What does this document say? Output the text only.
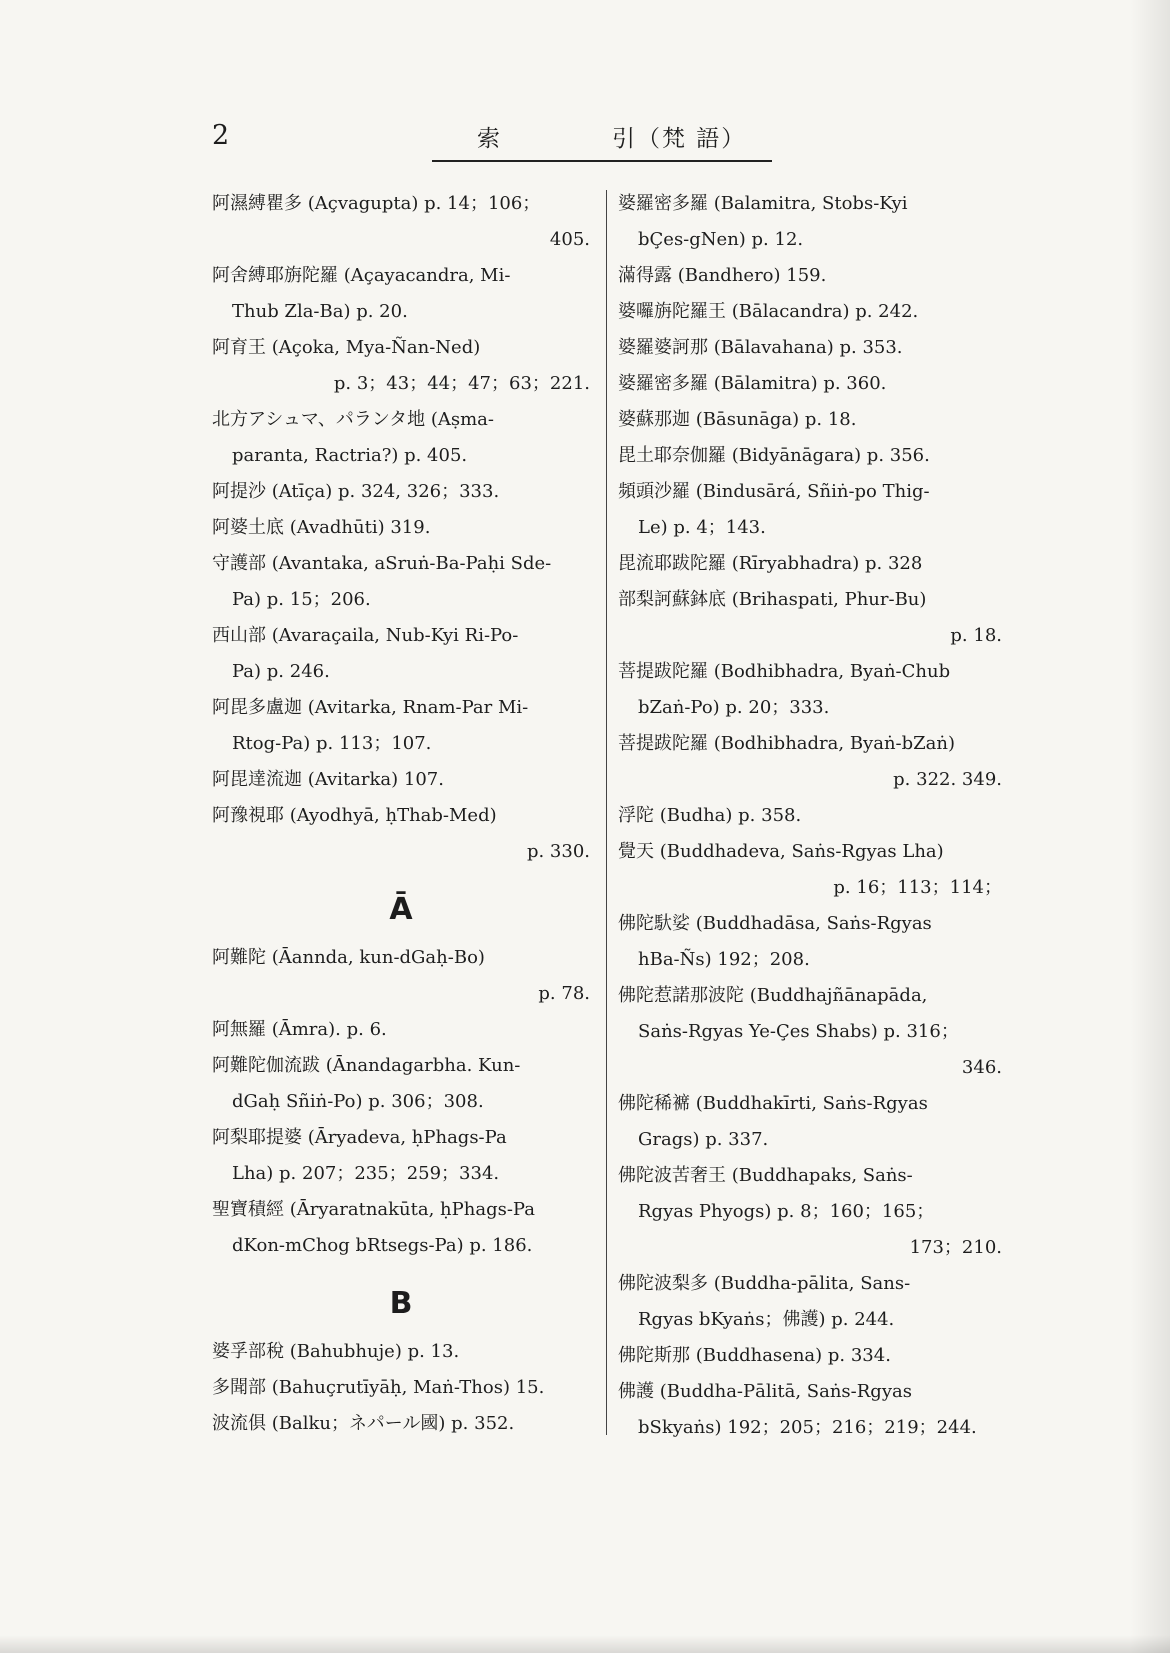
2	索	引（梵 語）
阿濕縛瞿多 (Açvagupta) p. 14；106；
405.
阿舍縛耶旃陀羅 (Açayacandra, Mi-
Thub Zla-Ba) p. 20.
阿育王 (Açoka, Mya-Ñan-Ned)
p. 3；43；44；47；63；221.
北方アシュマ、パランタ地 (Aṣma-
paranta, Ractria?) p. 405.
阿提沙 (Atīça) p. 324, 326；333.
阿婆土底 (Avadhūti) 319.
守護部 (Avantaka, aSruṅ-Ba-Paḥi Sde-
Pa) p. 15；206.
西山部 (Avaraçaila, Nub-Kyi Ri-Po-
Pa) p. 246.
阿毘多盧迦 (Avitarka, Rnam-Par Mi-
Rtog-Pa) p. 113；107.
阿毘達流迦 (Avitarka) 107.
阿豫視耶 (Ayodhyā, ḥThab-Med)
p. 330.
Ā
阿難陀 (Āannda, kun-dGaḥ-Bo)
p. 78.
阿無羅 (Āmra). p. 6.
阿難陀伽流跋 (Ānandagarbha. Kun-
dGaḥ Sñiṅ-Po) p. 306；308.
阿梨耶提婆 (Āryadeva, ḥPhags-Pa
Lha) p. 207；235；259；334.
聖寶積經 (Āryaratnakūta, ḥPhags-Pa
dKon-mChog bRtsegs-Pa) p. 186.
B
婆孚部稅 (Bahubhuje) p. 13.
多聞部 (Bahuçrutīyāḥ, Maṅ-Thos) 15.
波流俱 (Balku；ネパール國) p. 352.
婆羅密多羅 (Balamitra, Stobs-Kyi
bÇes-gNen) p. 12.
滿得露 (Bandhero) 159.
婆囉旃陀羅王 (Bālacandra) p. 242.
婆羅婆訶那 (Bālavahana) p. 353.
婆羅密多羅 (Bālamitra) p. 360.
婆蘇那迦 (Bāsunāga) p. 18.
毘土耶奈伽羅 (Bidyānāgara) p. 356.
頻頭沙羅 (Bindusārá, Sñiṅ-po Thig-
Le) p. 4；143.
毘流耶跋陀羅 (Rīryabhadra) p. 328
部梨訶蘇鉢底 (Brihaspati, Phur-Bu)
p. 18.
菩提跋陀羅 (Bodhibhadra, Byaṅ-Chub
bZaṅ-Po) p. 20；333.
菩提跋陀羅 (Bodhibhadra, Byaṅ-bZaṅ)
p. 322. 349.
浮陀 (Budha) p. 358.
覺天 (Buddhadeva, Saṅs-Rgyas Lha)
p. 16；113；114；
佛陀馱娑 (Buddhadāsa, Saṅs-Rgyas
hBa-Ñs) 192；208.
佛陀惹諾那波陀 (Buddhajñānapāda,
Saṅs-Rgyas Ye-Çes Shabs) p. 316；
346.
佛陀稀褯 (Buddhakīrti, Saṅs-Rgyas
Grags) p. 337.
佛陀波苦奢王 (Buddhapaks, Saṅs-
Rgyas Phyogs) p. 8；160；165；
173；210.
佛陀波梨多 (Buddha-pālita, Sans-
Rgyas bKyaṅs；佛護) p. 244.
佛陀斯那 (Buddhasena) p. 334.
佛護 (Buddha-Pālitā, Saṅs-Rgyas
bSkyaṅs) 192；205；216；219；244.
